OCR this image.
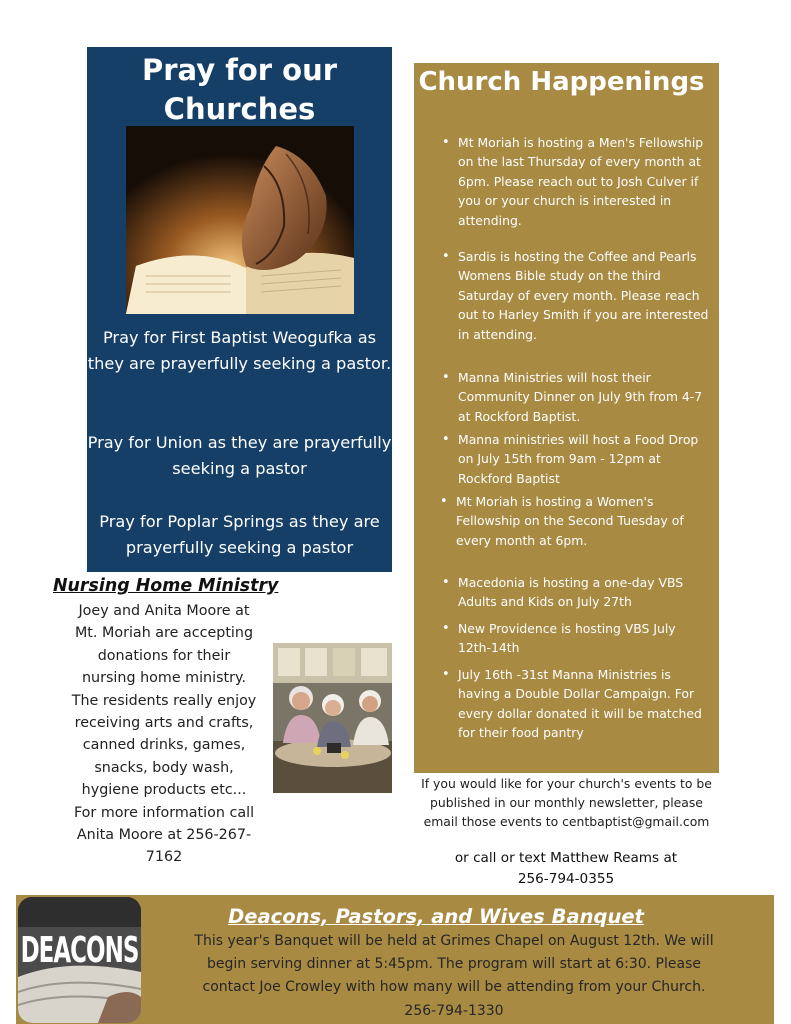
Pray for our Churches
Pray for First Baptist Weogufka as they are prayerfully seeking a pastor.
Pray for Union as they are prayerfully seeking a pastor
Pray for Poplar Springs as they are prayerfully seeking a pastor
Church Happenings
• Mt Moriah is hosting a Men's Fellowship on the last Thursday of every month at 6pm. Please reach out to Josh Culver if you or your church is interested in attending.
• Sardis is hosting the Coffee and Pearls Womens Bible study on the third Saturday of every month. Please reach out to Harley Smith if you are interested in attending.
• Manna Ministries will host their Community Dinner on July 9th from 4-7 at Rockford Baptist.
• Manna ministries will host a Food Drop on July 15th from 9am - 12pm at Rockford Baptist
• Mt Moriah is hosting a Women's Fellowship on the Second Tuesday of every month at 6pm.
• Macedonia is hosting a one-day VBS Adults and Kids on July 27th
• New Providence is hosting VBS July 12th-14th
• July 16th -31st Manna Ministries is having a Double Dollar Campaign. For every dollar donated it will be matched for their food pantry
If you would like for your church's events to be published in our monthly newsletter, please email those events to centbaptist@gmail.com
or call or text Matthew Reams at 256-794-0355
Nursing Home Ministry
Joey and Anita Moore at Mt. Moriah are accepting donations for their nursing home ministry. The residents really enjoy receiving arts and crafts, canned drinks, games, snacks, body wash, hygiene products etc... For more information call Anita Moore at 256-267-7162
DEACONS
Deacons, Pastors, and Wives Banquet
This year's Banquet will be held at Grimes Chapel on August 12th. We will begin serving dinner at 5:45pm. The program will start at 6:30. Please contact Joe Crowley with how many will be attending from your Church. 256-794-1330
